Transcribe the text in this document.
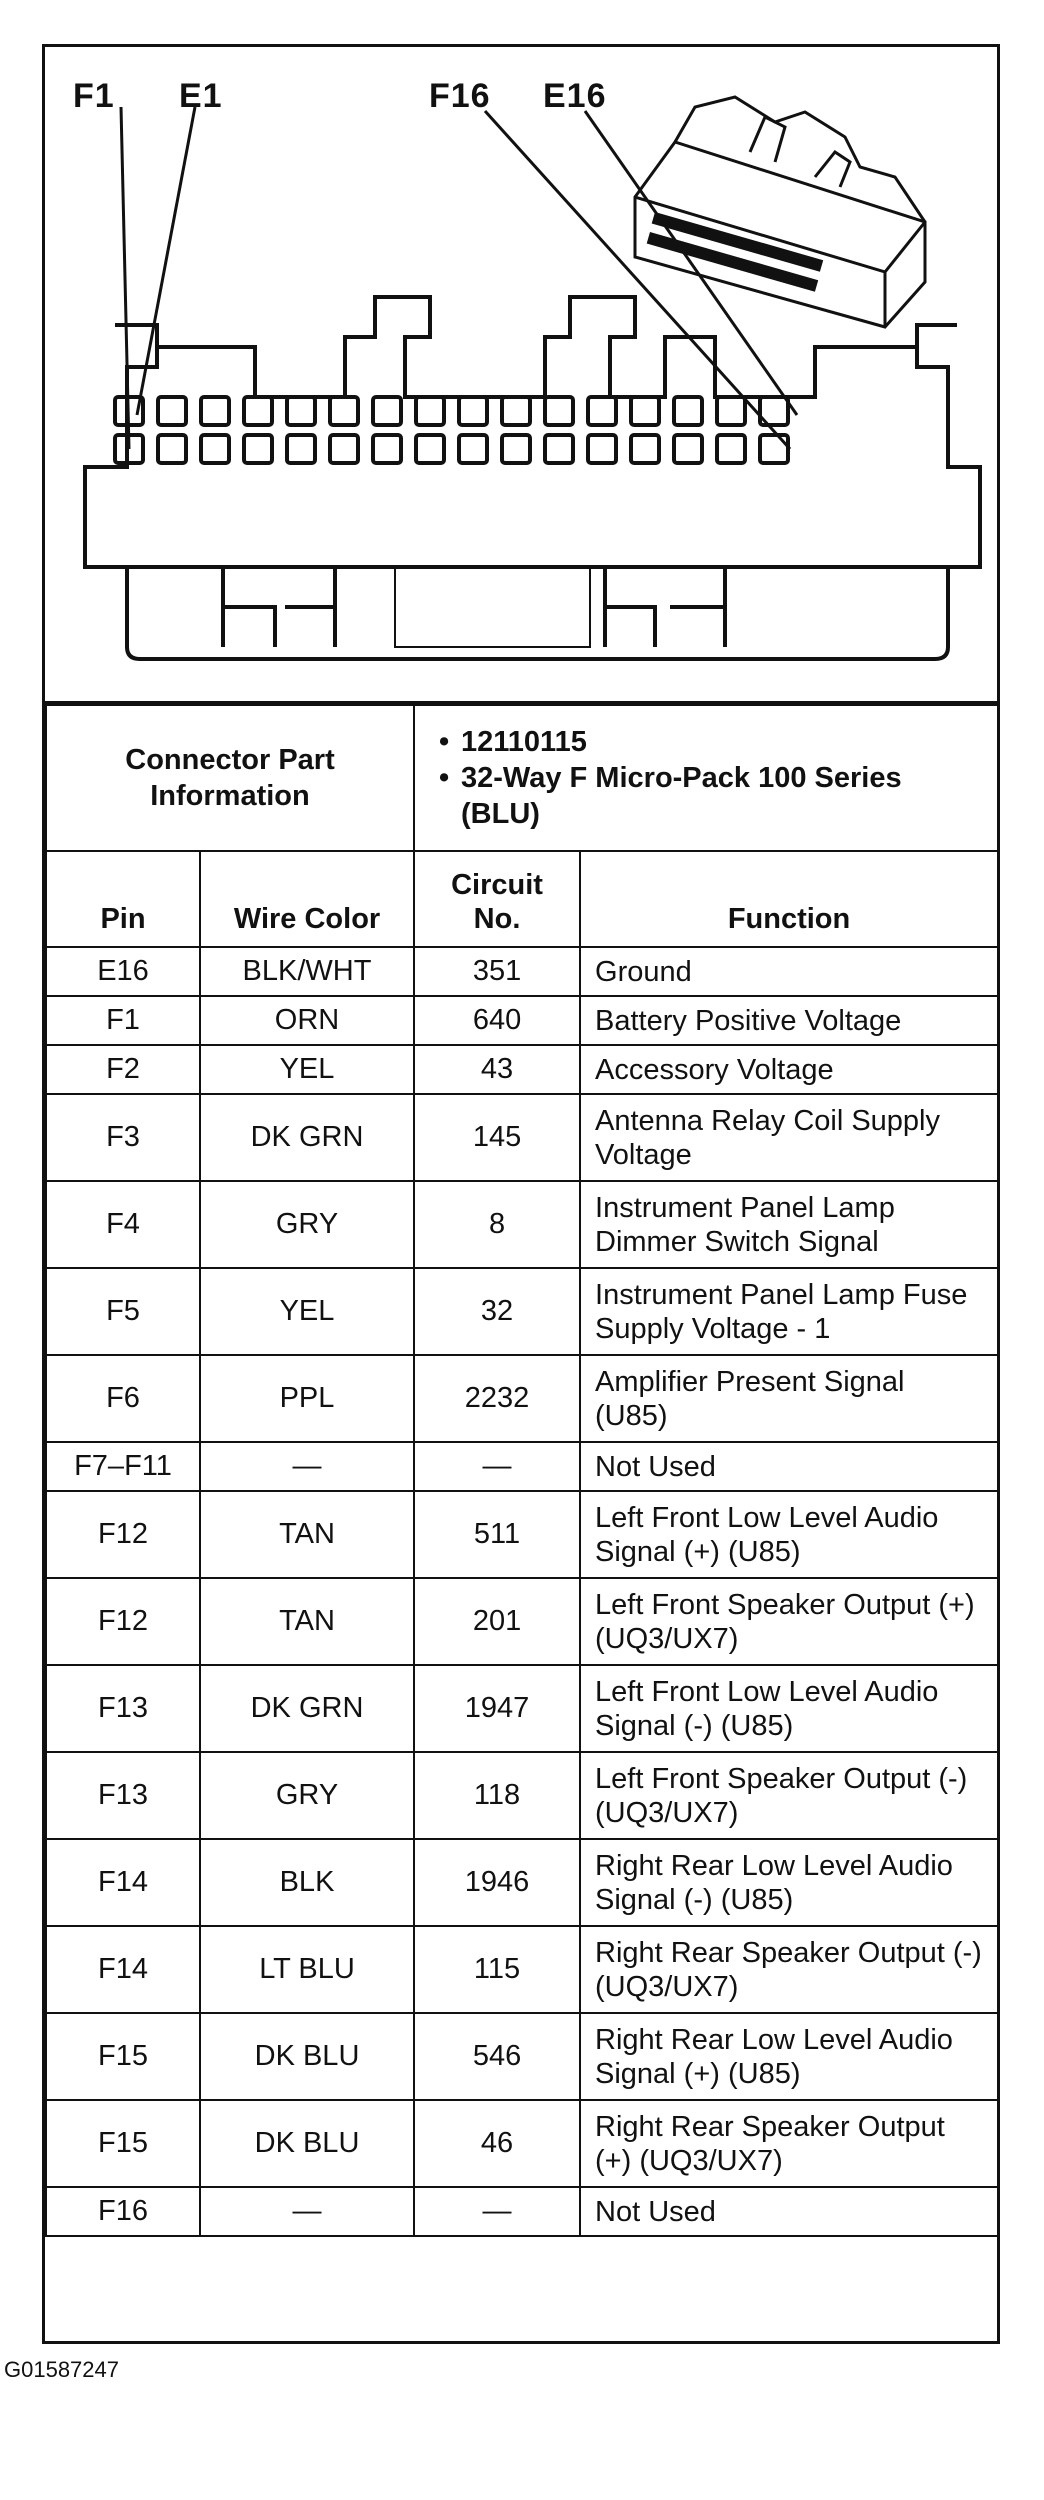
F1 E1	F16 E16
Connector Part Information		• 12110115
• 32-Way F Micro-Pack 100 Series (BLU)	

Pin	Wire Color	Circuit No.	Function
E16	BLK/WHT	351	Ground
F1	ORN	640	Battery Positive Voltage
F2	YEL	43	Accessory Voltage
F3	DK GRN	145	Antenna Relay Coil Supply Voltage
F4	GRY	8	Instrument Panel Lamp Dimmer Switch Signal
F5	YEL	32	Instrument Panel Lamp Fuse Supply Voltage - 1
F6	PPL	2232	Amplifier Present Signal (U85)
F7–F11	—	—	Not Used
F12	TAN	511	Left Front Low Level Audio Signal (+) (U85)
F12	TAN	201	Left Front Speaker Output (+) (UQ3/UX7)
F13	DK GRN	1947	Left Front Low Level Audio Signal (-) (U85)
F13	GRY	118	Left Front Speaker Output (-) (UQ3/UX7)
F14	BLK	1946	Right Rear Low Level Audio Signal (-) (U85)
F14	LT BLU	115	Right Rear Speaker Output (-) (UQ3/UX7)
F15	DK BLU	546	Right Rear Low Level Audio Signal (+) (U85)
F15	DK BLU	46	Right Rear Speaker Output (+) (UQ3/UX7)
F16	—	—	Not Used
G01587247
